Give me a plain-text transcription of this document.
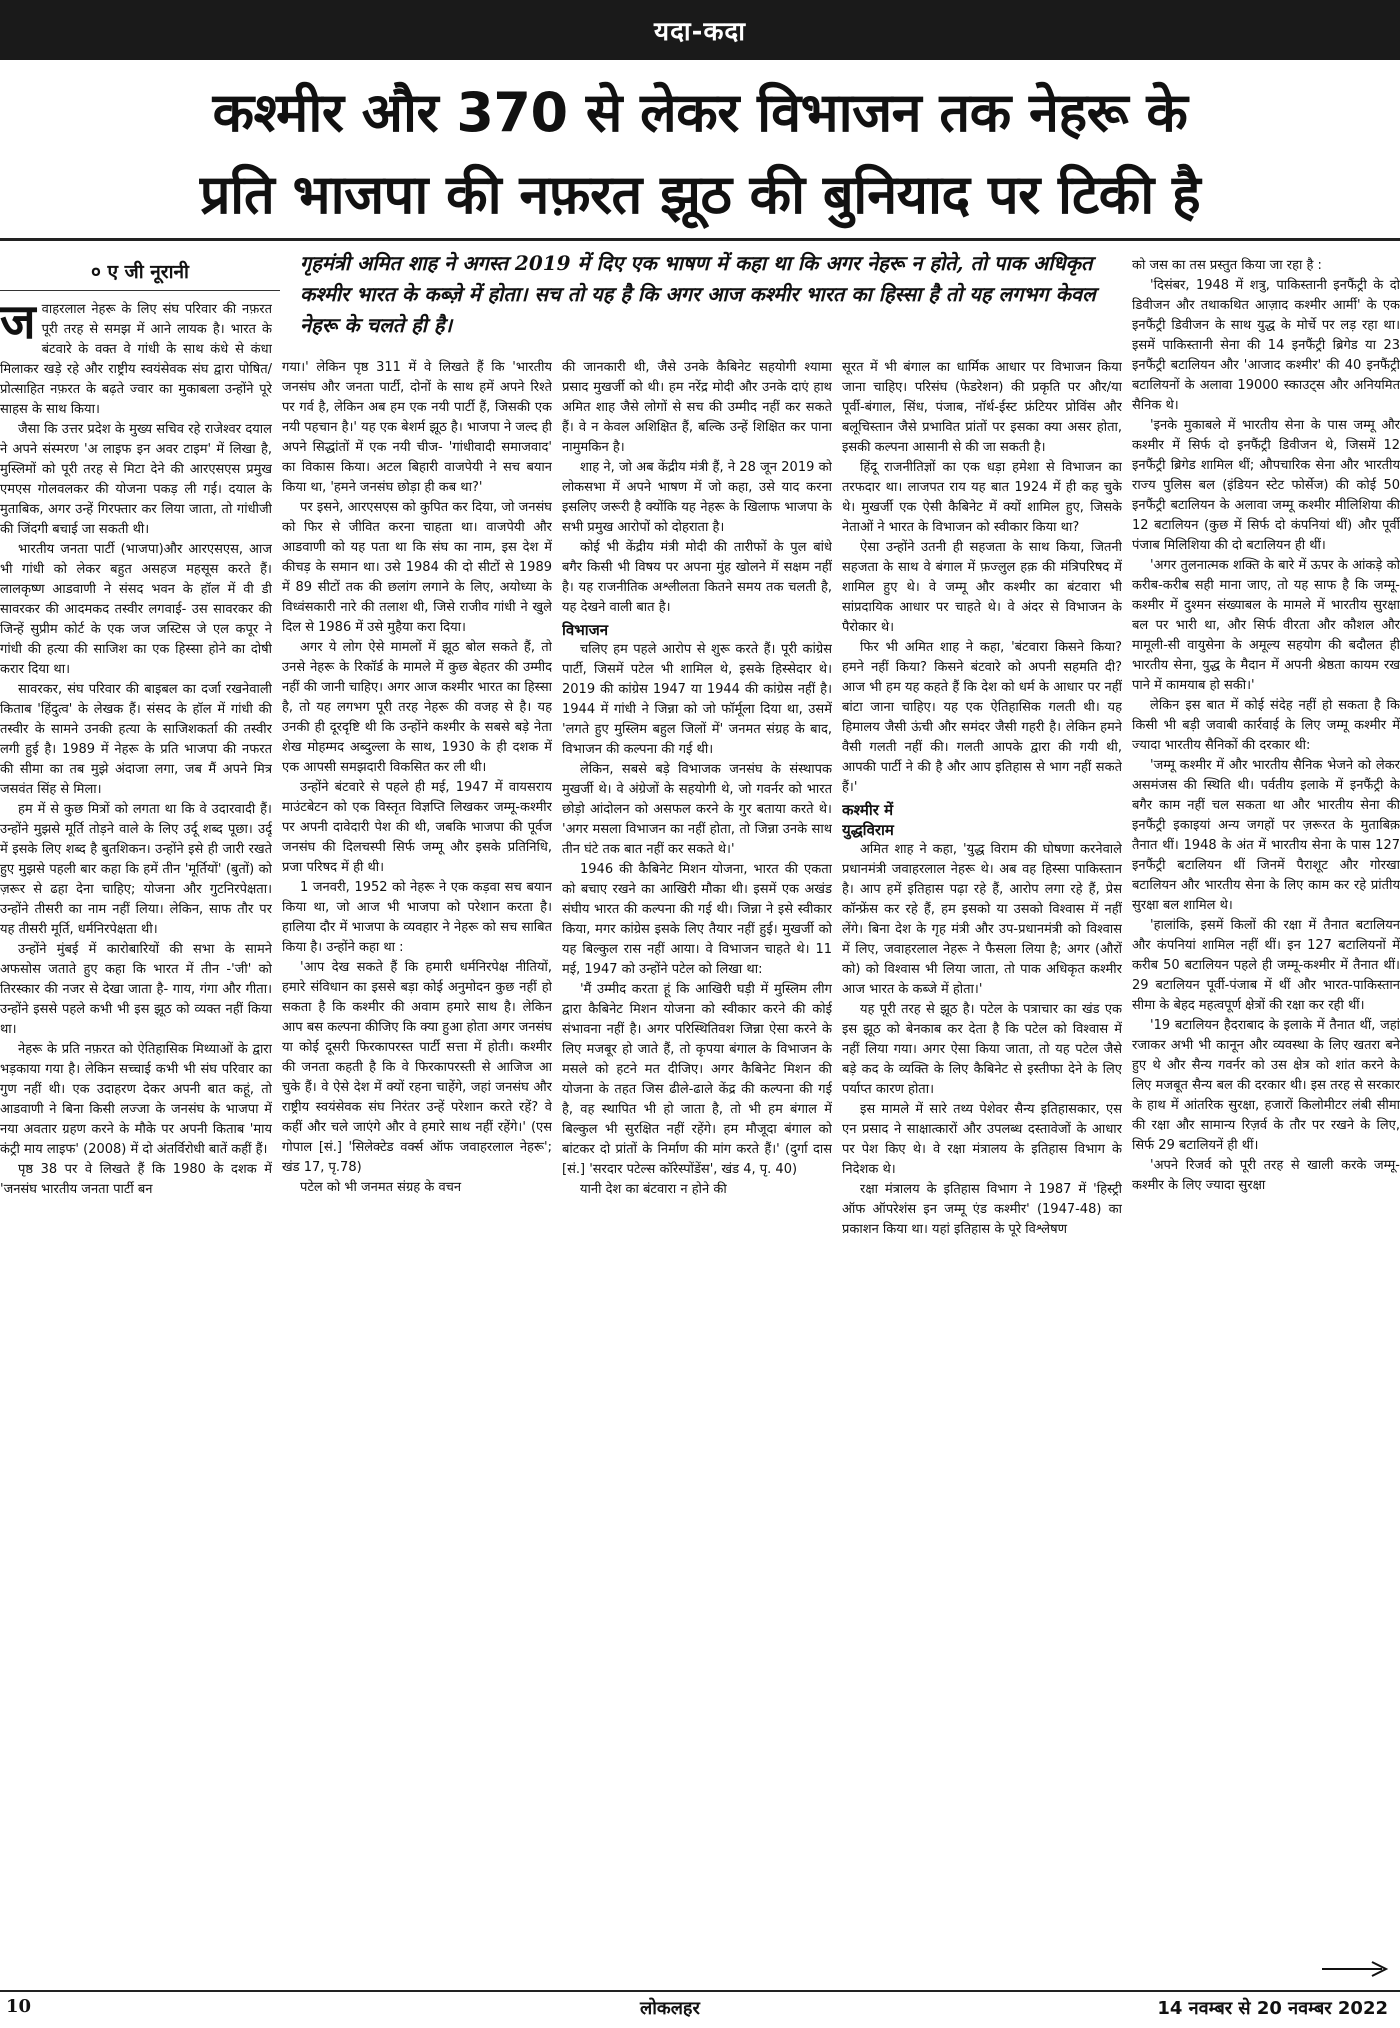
यदा-कदा
कश्मीर और 370 से लेकर विभाजन तक नेहरू के
प्रति भाजपा की नफ़रत झूठ की बुनियाद पर टिकी है
० ए जी नूरानी	गृहमंत्री अमित शाह ने अगस्त 2019 में दिए एक भाषण में कहा था कि अगर नेहरू न होते, तो पाक अधिकृत कश्मीर भारत के कब्ज़े में होता। सच तो यह है कि अगर आज कश्मीर भारत का हिस्सा है तो यह लगभग केवल नेहरू के चलते ही है।

जवाहरलाल नेहरू के लिए संघ परिवार की नफ़रत पूरी तरह से समझ में आने लायक है। भारत के बंटवारे के वक्त वे गांधी के साथ कंधे से कंधा मिलाकर खड़े रहे और राष्ट्रीय स्वयंसेवक संघ द्वारा पोषित/प्रोत्साहित नफ़रत के बढ़ते ज्वार का मुकाबला उन्होंने पूरे साहस के साथ किया।

जैसा कि उत्तर प्रदेश के मुख्य सचिव रहे राजेश्वर दयाल ने अपने संस्मरण 'अ लाइफ इन अवर टाइम' में लिखा है, मुस्लिमों को पूरी तरह से मिटा देने की आरएसएस प्रमुख एमएस गोलवलकर की योजना पकड़ ली गई। दयाल के मुताबिक, अगर उन्हें गिरफ्तार कर लिया जाता, तो गांधीजी की जिंदगी बचाई जा सकती थी।

भारतीय जनता पार्टी (भाजपा)और आरएसएस, आज भी गांधी को लेकर बहुत असहज महसूस करते हैं। लालकृष्ण आडवाणी ने संसद भवन के हॉल में वी डी सावरकर की आदमकद तस्वीर लगवाई- उस सावरकर की जिन्हें सुप्रीम कोर्ट के एक जज जस्टिस जे एल कपूर ने गांधी की हत्या की साजिश का एक हिस्सा होने का दोषी करार दिया था।

सावरकर, संघ परिवार की बाइबल का दर्जा रखनेवाली किताब 'हिंदुत्व' के लेखक हैं। संसद के हॉल में गांधी की तस्वीर के सामने उनकी हत्या के साजिशकर्ता की तस्वीर लगी हुई है। 1989 में नेहरू के प्रति भाजपा की नफरत की सीमा का तब मुझे अंदाजा लगा, जब मैं अपने मित्र जसवंत सिंह से मिला।

हम में से कुछ मित्रों को लगता था कि वे उदारवादी हैं। उन्होंने मुझसे मूर्ति तोड़ने वाले के लिए उर्दू शब्द पूछा। उर्दू में इसके लिए शब्द है बुतशिकन। उन्होंने इसे ही जारी रखते हुए मुझसे पहली बार कहा कि हमें तीन 'मूर्तियों' (बुतों) को ज़रूर से ढहा देना चाहिए; योजना और गुटनिरपेक्षता। उन्होंने तीसरी का नाम नहीं लिया। लेकिन, साफ तौर पर यह तीसरी मूर्ति, धर्मनिरपेक्षता थी।

उन्होंने मुंबई में कारोबारियों की सभा के सामने अफसोस जताते हुए कहा कि भारत में तीन -'जी' को तिरस्कार की नजर से देखा जाता है- गाय, गंगा और गीता। उन्होंने इससे पहले कभी भी इस झूठ को व्यक्त नहीं किया था।

नेहरू के प्रति नफ़रत को ऐतिहासिक मिथ्याओं के द्वारा भड़काया गया है। लेकिन सच्चाई कभी भी संघ परिवार का गुण नहीं थी। एक उदाहरण देकर अपनी बात कहूं, तो आडवाणी ने बिना किसी लज्जा के जनसंघ के भाजपा में नया अवतार ग्रहण करने के मौके पर अपनी किताब 'माय कंट्री माय लाइफ' (2008) में दो अंतर्विरोधी बातें कहीं हैं।

पृष्ठ 38 पर वे लिखते हैं कि 1980 के दशक में 'जनसंघ भारतीय जनता पार्टी बन

गया।' लेकिन पृष्ठ 311 में वे लिखते हैं कि 'भारतीय जनसंघ और जनता पार्टी, दोनों के साथ हमें अपने रिश्ते पर गर्व है, लेकिन अब हम एक नयी पार्टी हैं, जिसकी एक नयी पहचान है।' यह एक बेशर्म झूठ है। भाजपा ने जल्द ही अपने सिद्धांतों में एक नयी चीज- 'गांधीवादी समाजवाद' का विकास किया। अटल बिहारी वाजपेयी ने सच बयान किया था, 'हमने जनसंघ छोड़ा ही कब था?'

पर इसने, आरएसएस को कुपित कर दिया, जो जनसंघ को फिर से जीवित करना चाहता था। वाजपेयी और आडवाणी को यह पता था कि संघ का नाम, इस देश में कीचड़ के समान था। उसे 1984 की दो सीटों से 1989 में 89 सीटों तक की छलांग लगाने के लिए, अयोध्या के विध्वंसकारी नारे की तलाश थी, जिसे राजीव गांधी ने खुले दिल से 1986 में उसे मुहैया करा दिया।

अगर ये लोग ऐसे मामलों में झूठ बोल सकते हैं, तो उनसे नेहरू के रिकॉर्ड के मामले में कुछ बेहतर की उम्मीद नहीं की जानी चाहिए। अगर आज कश्मीर भारत का हिस्सा है, तो यह लगभग पूरी तरह नेहरू की वजह से है। यह उनकी ही दूरदृष्टि थी कि उन्होंने कश्मीर के सबसे बड़े नेता शेख मोहम्मद अब्दुल्ला के साथ, 1930 के ही दशक में एक आपसी समझदारी विकसित कर ली थी।

उन्होंने बंटवारे से पहले ही मई, 1947 में वायसराय माउंटबेटन को एक विस्तृत विज्ञप्ति लिखकर जम्मू-कश्मीर पर अपनी दावेदारी पेश की थी, जबकि भाजपा की पूर्वज जनसंघ की दिलचस्पी सिर्फ जम्मू और इसके प्रतिनिधि, प्रजा परिषद में ही थी।

1 जनवरी, 1952 को नेहरू ने एक कड़वा सच बयान किया था, जो आज भी भाजपा को परेशान करता है। हालिया दौर में भाजपा के व्यवहार ने नेहरू को सच साबित किया है। उन्होंने कहा था :

'आप देख सकते हैं कि हमारी धर्मनिरपेक्ष नीतियों, हमारे संविधान का इससे बड़ा कोई अनुमोदन कुछ नहीं हो सकता है कि कश्मीर की अवाम हमारे साथ है। लेकिन आप बस कल्पना कीजिए कि क्या हुआ होता अगर जनसंघ या कोई दूसरी फिरकापरस्त पार्टी सत्ता में होती। कश्मीर की जनता कहती है कि वे फिरकापरस्ती से आजिज आ चुके हैं। वे ऐसे देश में क्यों रहना चाहेंगे, जहां जनसंघ और राष्ट्रीय स्वयंसेवक संघ निरंतर उन्हें परेशान करते रहें? वे कहीं और चले जाएंगे और वे हमारे साथ नहीं रहेंगे।' (एस गोपाल [सं.] 'सिलेक्टेड वर्क्स ऑफ जवाहरलाल नेहरू'; खंड 17, पृ.78)

पटेल को भी जनमत संग्रह के वचन

की जानकारी थी, जैसे उनके कैबिनेट सहयोगी श्यामा प्रसाद मुखर्जी को थी। हम नरेंद्र मोदी और उनके दाएं हाथ अमित शाह जैसे लोगों से सच की उम्मीद नहीं कर सकते हैं। वे न केवल अशिक्षित हैं, बल्कि उन्हें शिक्षित कर पाना नामुमकिन है।

शाह ने, जो अब केंद्रीय मंत्री हैं, ने 28 जून 2019 को लोकसभा में अपने भाषण में जो कहा, उसे याद करना इसलिए जरूरी है क्योंकि यह नेहरू के खिलाफ भाजपा के सभी प्रमुख आरोपों को दोहराता है।

कोई भी केंद्रीय मंत्री मोदी की तारीफों के पुल बांधे बगैर किसी भी विषय पर अपना मुंह खोलने में सक्षम नहीं है। यह राजनीतिक अश्लीलता कितने समय तक चलती है, यह देखने वाली बात है।

विभाजन

चलिए हम पहले आरोप से शुरू करते हैं। पूरी कांग्रेस पार्टी, जिसमें पटेल भी शामिल थे, इसके हिस्सेदार थे। 2019 की कांग्रेस 1947 या 1944 की कांग्रेस नहीं है। 1944 में गांधी ने जिन्ना को जो फॉर्मूला दिया था, उसमें 'लगते हुए मुस्लिम बहुल जिलों में' जनमत संग्रह के बाद, विभाजन की कल्पना की गई थी।

लेकिन, सबसे बड़े विभाजक जनसंघ के संस्थापक मुखर्जी थे। वे अंग्रेजों के सहयोगी थे, जो गवर्नर को भारत छोड़ो आंदोलन को असफल करने के गुर बताया करते थे। 'अगर मसला विभाजन का नहीं होता, तो जिन्ना उनके साथ तीन घंटे तक बात नहीं कर सकते थे।'

1946 की कैबिनेट मिशन योजना, भारत की एकता को बचाए रखने का आखिरी मौका थी। इसमें एक अखंड संघीय भारत की कल्पना की गई थी। जिन्ना ने इसे स्वीकार किया, मगर कांग्रेस इसके लिए तैयार नहीं हुई। मुखर्जी को यह बिल्कुल रास नहीं आया। वे विभाजन चाहते थे। 11 मई, 1947 को उन्होंने पटेल को लिखा था:

'मैं उम्मीद करता हूं कि आखिरी घड़ी में मुस्लिम लीग द्वारा कैबिनेट मिशन योजना को स्वीकार करने की कोई संभावना नहीं है। अगर परिस्थितिवश जिन्ना ऐसा करने के लिए मजबूर हो जाते हैं, तो कृपया बंगाल के विभाजन के मसले को हटने मत दीजिए। अगर कैबिनेट मिशन की योजना के तहत जिस ढीले-ढाले केंद्र की कल्पना की गई है, वह स्थापित भी हो जाता है, तो भी हम बंगाल में बिल्कुल भी सुरक्षित नहीं रहेंगे। हम मौजूदा बंगाल को बांटकर दो प्रांतों के निर्माण की मांग करते हैं।' (दुर्गा दास [सं.] 'सरदार पटेल्स कॉरेस्पोंडेंस', खंड 4, पृ. 40)

यानी देश का बंटवारा न होने की

सूरत में भी बंगाल का धार्मिक आधार पर विभाजन किया जाना चाहिए। परिसंघ (फेडरेशन) की प्रकृति पर और/या पूर्वी-बंगाल, सिंध, पंजाब, नॉर्थ-ईस्ट फ्रंटियर प्रोविंस और बलूचिस्तान जैसे प्रभावित प्रांतों पर इसका क्या असर होता, इसकी कल्पना आसानी से की जा सकती है।

हिंदू राजनीतिज्ञों का एक धड़ा हमेशा से विभाजन का तरफदार था। लाजपत राय यह बात 1924 में ही कह चुके थे। मुखर्जी एक ऐसी कैबिनेट में क्यों शामिल हुए, जिसके नेताओं ने भारत के विभाजन को स्वीकार किया था?

ऐसा उन्होंने उतनी ही सहजता के साथ किया, जितनी सहजता के साथ वे बंगाल में फ़ज्लुल हक़ की मंत्रिपरिषद में शामिल हुए थे। वे जम्मू और कश्मीर का बंटवारा भी सांप्रदायिक आधार पर चाहते थे। वे अंदर से विभाजन के पैरोकार थे।

फिर भी अमित शाह ने कहा, 'बंटवारा किसने किया? हमने नहीं किया? किसने बंटवारे को अपनी सहमति दी? आज भी हम यह कहते हैं कि देश को धर्म के आधार पर नहीं बांटा जाना चाहिए। यह एक ऐतिहासिक गलती थी। यह हिमालय जैसी ऊंची और समंदर जैसी गहरी है। लेकिन हमने वैसी गलती नहीं की। गलती आपके द्वारा की गयी थी, आपकी पार्टी ने की है और आप इतिहास से भाग नहीं सकते हैं।'

कश्मीर में
युद्धविराम

अमित शाह ने कहा, 'युद्ध विराम की घोषणा करनेवाले प्रधानमंत्री जवाहरलाल नेहरू थे। अब वह हिस्सा पाकिस्तान है। आप हमें इतिहास पढ़ा रहे हैं, आरोप लगा रहे हैं, प्रेस कॉन्फ्रेंस कर रहे हैं, हम इसको या उसको विश्वास में नहीं लेंगे। बिना देश के गृह मंत्री और उप-प्रधानमंत्री को विश्वास में लिए, जवाहरलाल नेहरू ने फैसला लिया है; अगर (औरों को) को विश्वास भी लिया जाता, तो पाक अधिकृत कश्मीर आज भारत के कब्जे में होता।'

यह पूरी तरह से झूठ है। पटेल के पत्राचार का खंड एक इस झूठ को बेनकाब कर देता है कि पटेल को विश्वास में नहीं लिया गया। अगर ऐसा किया जाता, तो यह पटेल जैसे बड़े कद के व्यक्ति के लिए कैबिनेट से इस्तीफा देने के लिए पर्याप्त कारण होता।

इस मामले में सारे तथ्य पेशेवर सैन्य इतिहासकार, एस एन प्रसाद ने साक्षात्कारों और उपलब्ध दस्तावेजों के आधार पर पेश किए थे। वे रक्षा मंत्रालय के इतिहास विभाग के निदेशक थे।

रक्षा मंत्रालय के इतिहास विभाग ने 1987 में 'हिस्ट्री ऑफ ऑपरेशंस इन जम्मू एंड कश्मीर' (1947-48) का प्रकाशन किया था। यहां इतिहास के पूरे विश्लेषण

को जस का तस प्रस्तुत किया जा रहा है :

'दिसंबर, 1948 में शत्रु, पाकिस्तानी इनफैंट्री के दो डिवीजन और तथाकथित आज़ाद कश्मीर आर्मी' के एक इनफैंट्री डिवीजन के साथ युद्ध के मोर्चे पर लड़ रहा था। इसमें पाकिस्तानी सेना की 14 इनफैंट्री ब्रिगेड या 23 इनफैंट्री बटालियन और 'आजाद कश्मीर' की 40 इनफैंट्री बटालियनों के अलावा 19000 स्काउट्स और अनियमित सैनिक थे।

'इनके मुकाबले में भारतीय सेना के पास जम्मू और कश्मीर में सिर्फ दो इनफैंट्री डिवीजन थे, जिसमें 12 इनफैंट्री ब्रिगेड शामिल थीं; औपचारिक सेना और भारतीय राज्य पुलिस बल (इंडियन स्टेट फोर्सेज) की कोई 50 इनफैंट्री बटालियन के अलावा जम्मू कश्मीर मीलिशिया की 12 बटालियन (कुछ में सिर्फ दो कंपनियां थीं) और पूर्वी पंजाब मिलिशिया की दो बटालियन ही थीं।

'अगर तुलनात्मक शक्ति के बारे में ऊपर के आंकड़े को करीब-करीब सही माना जाए, तो यह साफ है कि जम्मू-कश्मीर में दुश्मन संख्याबल के मामले में भारतीय सुरक्षा बल पर भारी था, और सिर्फ वीरता और कौशल और मामूली-सी वायुसेना के अमूल्य सहयोग की बदौलत ही भारतीय सेना, युद्ध के मैदान में अपनी श्रेष्ठता कायम रख पाने में कामयाब हो सकी।'

लेकिन इस बात में कोई संदेह नहीं हो सकता है कि किसी भी बड़ी जवाबी कार्रवाई के लिए जम्मू कश्मीर में ज्यादा भारतीय सैनिकों की दरकार थी:

'जम्मू कश्मीर में और भारतीय सैनिक भेजने को लेकर असमंजस की स्थिति थी। पर्वतीय इलाके में इनफैंट्री के बगैर काम नहीं चल सकता था और भारतीय सेना की इनफैंट्री इकाइयां अन्य जगहों पर ज़रूरत के मुताबिक़ तैनात थीं। 1948 के अंत में भारतीय सेना के पास 127 इनफैंट्री बटालियन थीं जिनमें पैराशूट और गोरखा बटालियन और भारतीय सेना के लिए काम कर रहे प्रांतीय सुरक्षा बल शामिल थे।

'हालांकि, इसमें किलों की रक्षा में तैनात बटालियन और कंपनियां शामिल नहीं थीं। इन 127 बटालियनों में करीब 50 बटालियन पहले ही जम्मू-कश्मीर में तैनात थीं। 29 बटालियन पूर्वी-पंजाब में थीं और भारत-पाकिस्तान सीमा के बेहद महत्वपूर्ण क्षेत्रों की रक्षा कर रही थीं।

'19 बटालियन हैदराबाद के इलाके में तैनात थीं, जहां रजाकर अभी भी कानून और व्यवस्था के लिए खतरा बने हुए थे और सैन्य गवर्नर को उस क्षेत्र को शांत करने के लिए मजबूत सैन्य बल की दरकार थी। इस तरह से सरकार के हाथ में आंतरिक सुरक्षा, हजारों किलोमीटर लंबी सीमा की रक्षा और सामान्य रिज़र्व के तौर पर रखने के लिए, सिर्फ 29 बटालियनें ही थीं।

'अपने रिजर्व को पूरी तरह से खाली करके जम्मू-कश्मीर के लिए ज्यादा सुरक्षा

10	लोकलहर	14 नवम्बर से 20 नवम्बर 2022
